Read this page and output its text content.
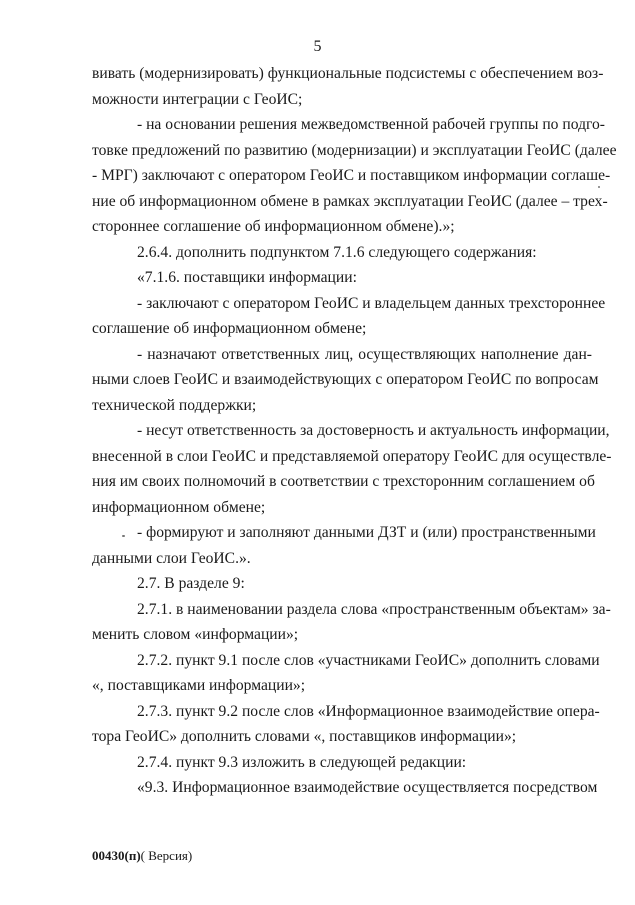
5
вивать (модернизировать) функциональные подсистемы с обеспечением воз-
можности интеграции с ГеоИС;
- на основании решения межведомственной рабочей группы по подго-
товке предложений по развитию (модернизации) и эксплуатации ГеоИС (далее
- МРГ) заключают с оператором ГеоИС и поставщиком информации соглаше-
ние об информационном обмене в рамках эксплуатации ГеоИС (далее – трех-
стороннее соглашение об информационном обмене).»;
2.6.4. дополнить подпунктом 7.1.6 следующего содержания:
«7.1.6. поставщики информации:
- заключают с оператором ГеоИС и владельцем данных трехстороннее
соглашение об информационном обмене;
- назначают ответственных лиц, осуществляющих наполнение дан-
ными слоев ГеоИС и взаимодействующих с оператором ГеоИС по вопросам
технической поддержки;
- несут ответственность за достоверность и актуальность информации,
внесенной в слои ГеоИС и представляемой оператору ГеоИС для осуществле-
ния им своих полномочий в соответствии с трехсторонним соглашением об
информационном обмене;
- формируют и заполняют данными ДЗТ и (или) пространственными
данными слои ГеоИС.».
2.7. В разделе 9:
2.7.1. в наименовании раздела слова «пространственным объектам» за-
менить словом «информации»;
2.7.2. пункт 9.1 после слов «участниками ГеоИС» дополнить словами
«, поставщиками информации»;
2.7.3. пункт 9.2 после слов «Информационное взаимодействие опера-
тора ГеоИС» дополнить словами «, поставщиков информации»;
2.7.4. пункт 9.3 изложить в следующей редакции:
«9.3. Информационное взаимодействие осуществляется посредством
00430(п)( Версия)
